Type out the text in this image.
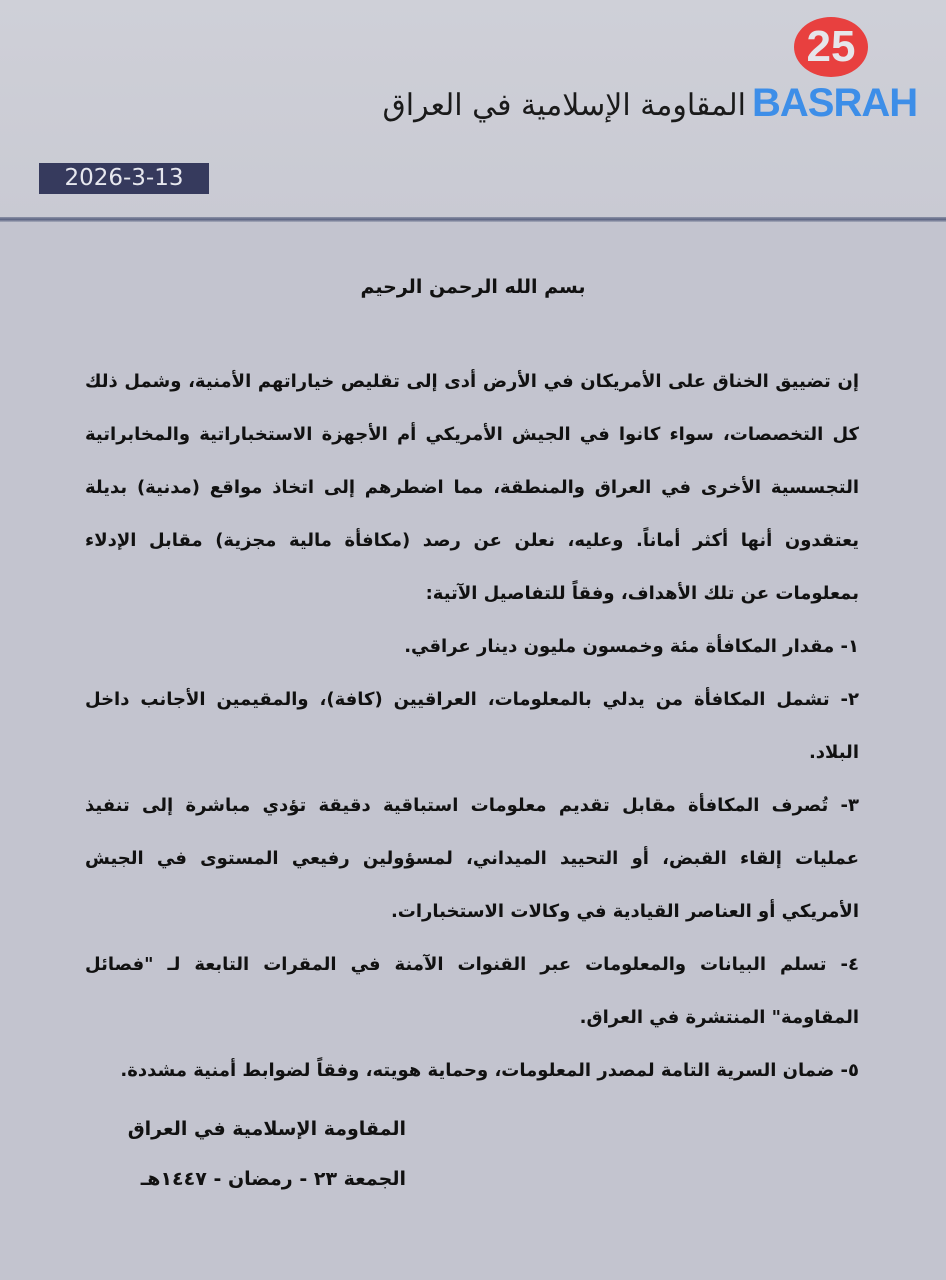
المقاومة الإسلامية في العراق
25
BASRAH
2026-3-13
بسم الله الرحمن الرحيم

إن تضييق الخناق على الأمريكان في الأرض أدى إلى تقليص خياراتهم الأمنية، وشمل ذلك كل التخصصات، سواء كانوا في الجيش الأمريكي أم الأجهزة الاستخباراتية والمخابراتية التجسسية الأخرى في العراق والمنطقة، مما اضطرهم إلى اتخاذ مواقع (مدنية) بديلة يعتقدون أنها أكثر أماناً. وعليه، نعلن عن رصد (مكافأة مالية مجزية) مقابل الإدلاء بمعلومات عن تلك الأهداف، وفقاً للتفاصيل الآتية:

١- مقدار المكافأة مئة وخمسون مليون دينار عراقي.

٢- تشمل المكافأة من يدلي بالمعلومات، العراقيين (كافة)، والمقيمين الأجانب داخل البلاد.

٣- تُصرف المكافأة مقابل تقديم معلومات استباقية دقيقة تؤدي مباشرة إلى تنفيذ عمليات إلقاء القبض، أو التحييد الميداني، لمسؤولين رفيعي المستوى في الجيش الأمريكي أو العناصر القيادية في وكالات الاستخبارات.

٤- تسلم البيانات والمعلومات عبر القنوات الآمنة في المقرات التابعة لـ "فصائل المقاومة" المنتشرة في العراق.

٥- ضمان السرية التامة لمصدر المعلومات، وحماية هويته، وفقاً لضوابط أمنية مشددة.

المقاومة الإسلامية في العراق
الجمعة ٢٣ - رمضان - ١٤٤٧هـ
